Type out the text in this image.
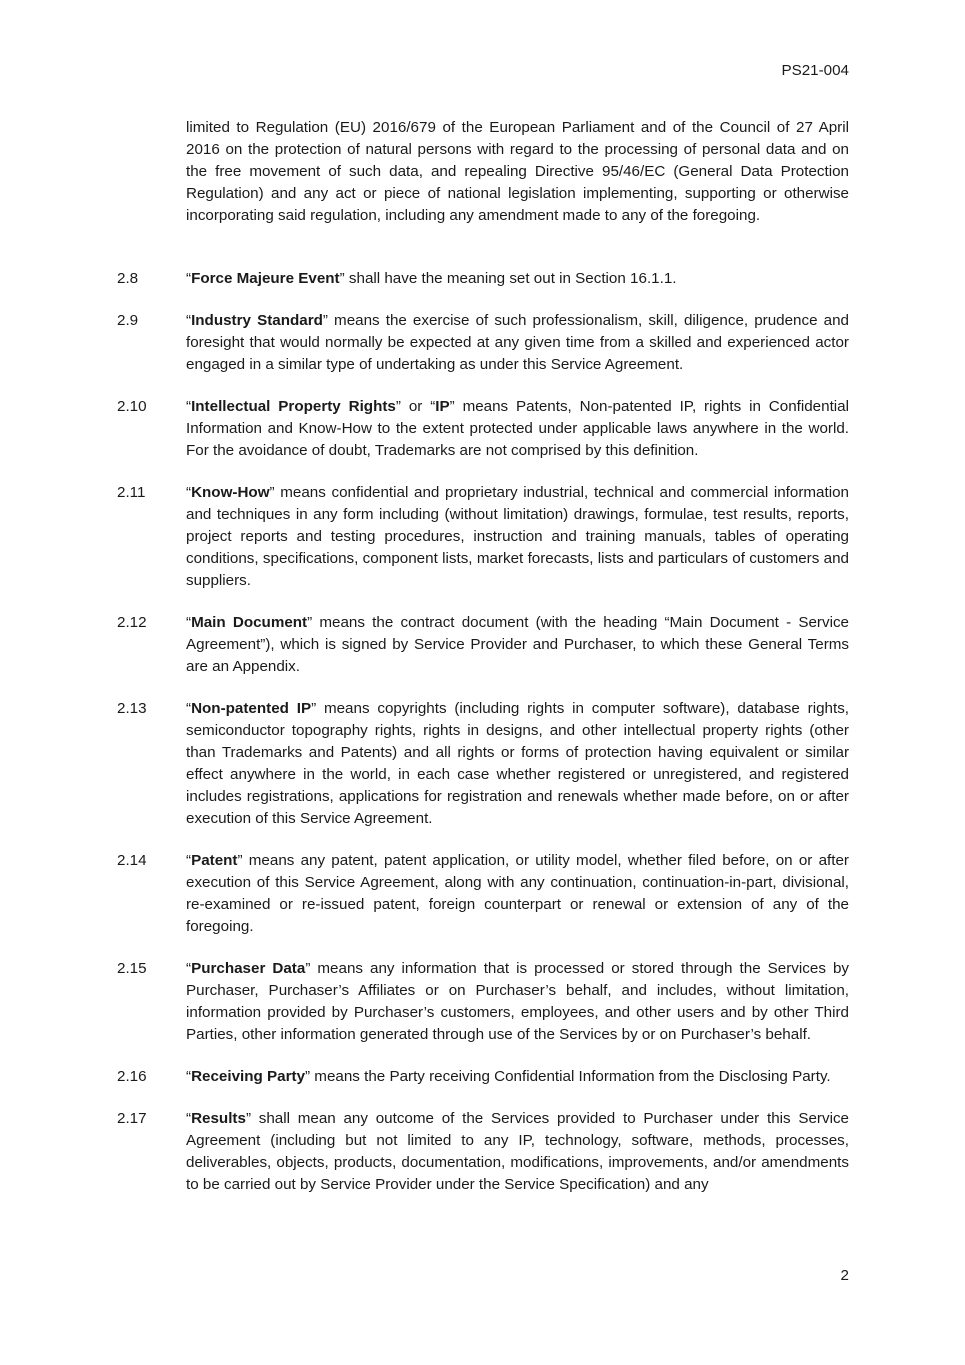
PS21-004

limited to Regulation (EU) 2016/679 of the European Parliament and of the Council of 27 April 2016 on the protection of natural persons with regard to the processing of personal data and on the free movement of such data, and repealing Directive 95/46/EC (General Data Protection Regulation) and any act or piece of national legislation implementing, supporting or otherwise incorporating said regulation, including any amendment made to any of the foregoing.

2.8	“Force Majeure Event” shall have the meaning set out in Section 16.1.1.

2.9	“Industry Standard” means the exercise of such professionalism, skill, diligence, prudence and foresight that would normally be expected at any given time from a skilled and experienced actor engaged in a similar type of undertaking as under this Service Agreement.

2.10	“Intellectual Property Rights” or “IP” means Patents, Non-patented IP, rights in Confidential Information and Know-How to the extent protected under applicable laws anywhere in the world. For the avoidance of doubt, Trademarks are not comprised by this definition.

2.11	“Know-How” means confidential and proprietary industrial, technical and commercial information and techniques in any form including (without limitation) drawings, formulae, test results, reports, project reports and testing procedures, instruction and training manuals, tables of operating conditions, specifications, component lists, market forecasts, lists and particulars of customers and suppliers.

2.12	“Main Document” means the contract document (with the heading “Main Document - Service Agreement”), which is signed by Service Provider and Purchaser, to which these General Terms are an Appendix.

2.13	“Non-patented IP” means copyrights (including rights in computer software), database rights, semiconductor topography rights, rights in designs, and other intellectual property rights (other than Trademarks and Patents) and all rights or forms of protection having equivalent or similar effect anywhere in the world, in each case whether registered or unregistered, and registered includes registrations, applications for registration and renewals whether made before, on or after execution of this Service Agreement.

2.14	“Patent” means any patent, patent application, or utility model, whether filed before, on or after execution of this Service Agreement, along with any continuation, continuation-in-part, divisional, re-examined or re-issued patent, foreign counterpart or renewal or extension of any of the foregoing.

2.15	“Purchaser Data” means any information that is processed or stored through the Services by Purchaser, Purchaser’s Affiliates or on Purchaser’s behalf, and includes, without limitation, information provided by Purchaser’s customers, employees, and other users and by other Third Parties, other information generated through use of the Services by or on Purchaser’s behalf.

2.16	“Receiving Party” means the Party receiving Confidential Information from the Disclosing Party.

2.17	“Results” shall mean any outcome of the Services provided to Purchaser under this Service Agreement (including but not limited to any IP, technology, software, methods, processes, deliverables, objects, products, documentation, modifications, improvements, and/or amendments to be carried out by Service Provider under the Service Specification) and any

2
